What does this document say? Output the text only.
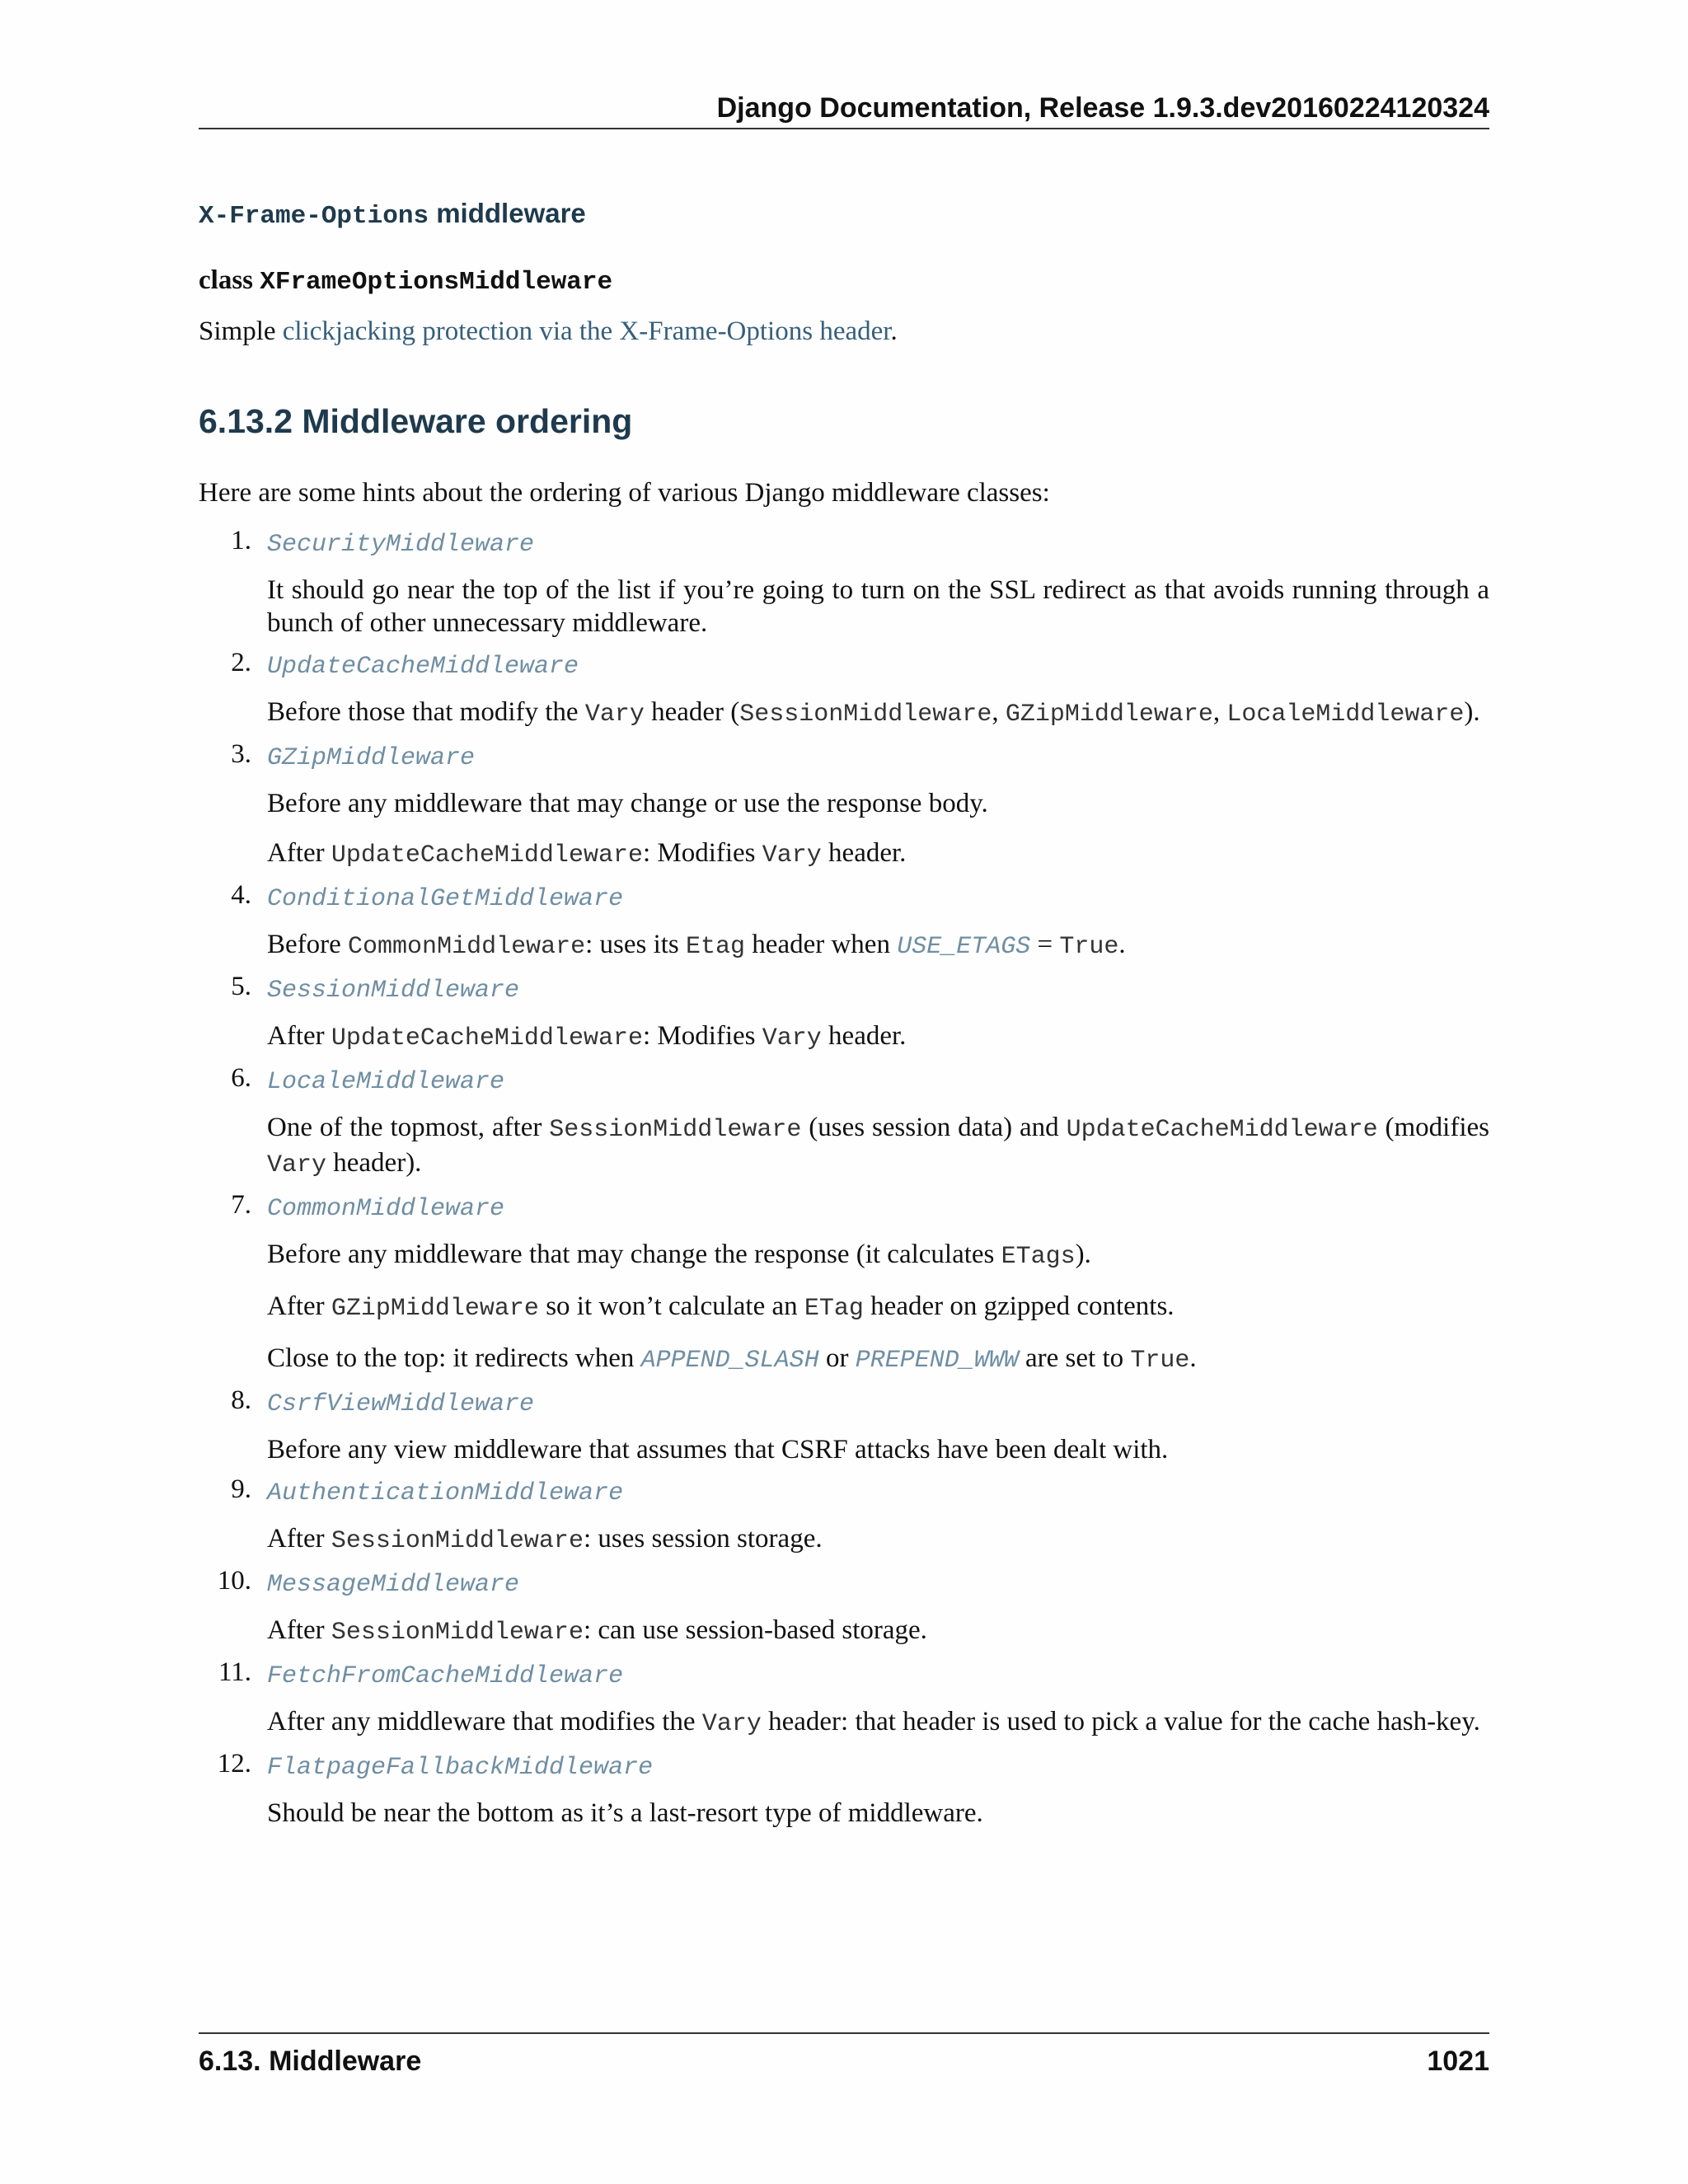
Django Documentation, Release 1.9.3.dev20160224120324
X-Frame-Options middleware
class XFrameOptionsMiddleware
Simple clickjacking protection via the X-Frame-Options header.
6.13.2 Middleware ordering
Here are some hints about the ordering of various Django middleware classes:
1. SecurityMiddleware

It should go near the top of the list if you’re going to turn on the SSL redirect as that avoids running through a bunch of other unnecessary middleware.

2. UpdateCacheMiddleware

Before those that modify the Vary header (SessionMiddleware, GZipMiddleware, LocaleMiddleware).

3. GZipMiddleware

Before any middleware that may change or use the response body.

After UpdateCacheMiddleware: Modifies Vary header.

4. ConditionalGetMiddleware

Before CommonMiddleware: uses its Etag header when USE_ETAGS = True.

5. SessionMiddleware

After UpdateCacheMiddleware: Modifies Vary header.

6. LocaleMiddleware

One of the topmost, after SessionMiddleware (uses session data) and UpdateCacheMiddleware (modifies Vary header).

7. CommonMiddleware

Before any middleware that may change the response (it calculates ETags).

After GZipMiddleware so it won’t calculate an ETag header on gzipped contents.

Close to the top: it redirects when APPEND_SLASH or PREPEND_WWW are set to True.

8. CsrfViewMiddleware

Before any view middleware that assumes that CSRF attacks have been dealt with.

9. AuthenticationMiddleware

After SessionMiddleware: uses session storage.

10. MessageMiddleware

After SessionMiddleware: can use session-based storage.

11. FetchFromCacheMiddleware

After any middleware that modifies the Vary header: that header is used to pick a value for the cache hash-key.

12. FlatpageFallbackMiddleware

Should be near the bottom as it’s a last-resort type of middleware.

6.13. Middleware	1021
